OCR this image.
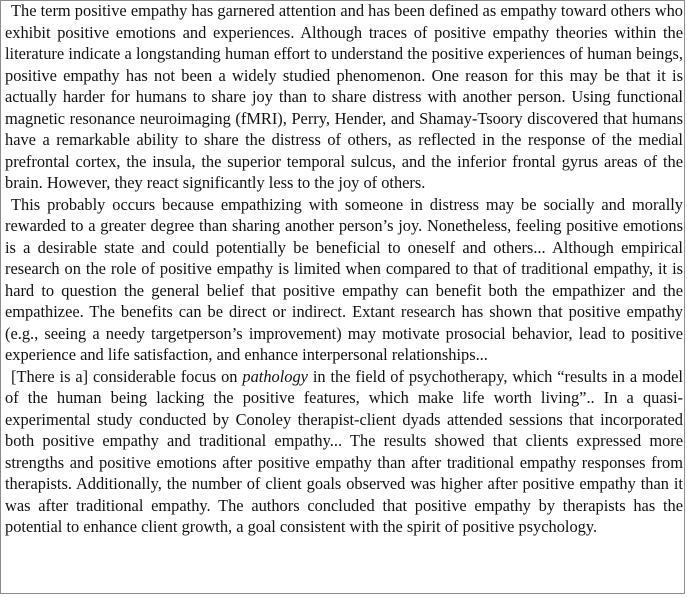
The term positive empathy has garnered attention and has been defined as empathy toward others who exhibit positive emotions and experiences. Although traces of positive empathy theories within the literature indicate a longstanding human effort to understand the positive experiences of human beings, positive empathy has not been a widely studied phenomenon. One reason for this may be that it is actually harder for humans to share joy than to share distress with another person. Using functional magnetic resonance neuroimaging (fMRI), Perry, Hender, and Shamay-Tsoory discovered that humans have a remarkable ability to share the distress of others, as reflected in the response of the medial prefrontal cortex, the insula, the superior temporal sulcus, and the inferior frontal gyrus areas of the brain. However, they react significantly less to the joy of others.

This probably occurs because empathizing with someone in distress may be socially and morally rewarded to a greater degree than sharing another person’s joy. Nonetheless, feeling positive emotions is a desirable state and could potentially be beneficial to oneself and others... Although empirical research on the role of positive empathy is limited when compared to that of traditional empathy, it is hard to question the general belief that positive empathy can benefit both the empathizer and the empathizee. The benefits can be direct or indirect. Extant research has shown that positive empathy (e.g., seeing a needy targetperson’s improvement) may motivate prosocial behavior, lead to positive experience and life satisfaction, and enhance interpersonal relationships...

[There is a] considerable focus on pathology in the field of psychotherapy, which “results in a model of the human being lacking the positive features, which make life worth living”.. In a quasi-experimental study conducted by Conoley therapist-client dyads attended sessions that incorporated both positive empathy and traditional empathy... The results showed that clients expressed more strengths and positive emotions after positive empathy than after traditional empathy responses from therapists. Additionally, the number of client goals observed was higher after positive empathy than it was after traditional empathy. The authors concluded that positive empathy by therapists has the potential to enhance client growth, a goal consistent with the spirit of positive psychology.
